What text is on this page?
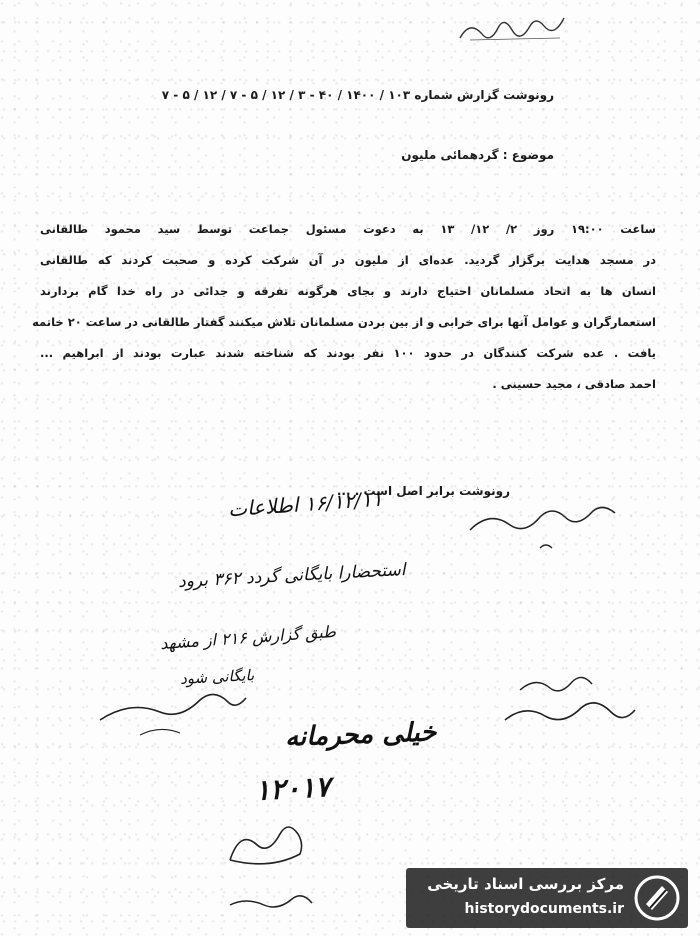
رونوشت گزارش شماره ۱۰۳ / ۱۴۰۰ / ۴۰ - ۳ / ۱۲ / ۵ - ۷ / ۱۲ / ۵ - ۷
موضوع : گردهمائی ملیون
ساعت ۱۹:۰۰ روز ۲/ ۱۲/ ۱۳ به دعوت مسئول جماعت توسط سید محمود طالقانی
در مسجد هدایت برگزار گردید. عده‌ای از ملیون در آن شرکت کرده و صحبت کردند که طالقانی
انسان ها به اتحاد مسلمانان احتیاج دارند و بجای هرگونه تفرقه و جدائی در راه خدا گام بردارند
استعمارگران و عوامل آنها برای خرابی و از بین بردن مسلمانان تلاش میکنند گفتار طالقانی در ساعت ۲۰ خاتمه
یافت . عده شرکت کنندگان در حدود ۱۰۰ نفر بودند که شناخته شدند عبارت بودند از ابراهیم ...
احمد صادقی ، مجید حسینی .
رونوشت برابر اصل است . ...
۱۶/۱۲/۱۱ اطلاعات
استحضارا بایگانی گردد ۳۶۲ برود
طبق گزارش ۲۱۶ از مشهد
بایگانی شود
خیلی محرمانه
۱۲۰۱۷
مرکز بررسی اسناد تاریخی
historydocuments.ir
